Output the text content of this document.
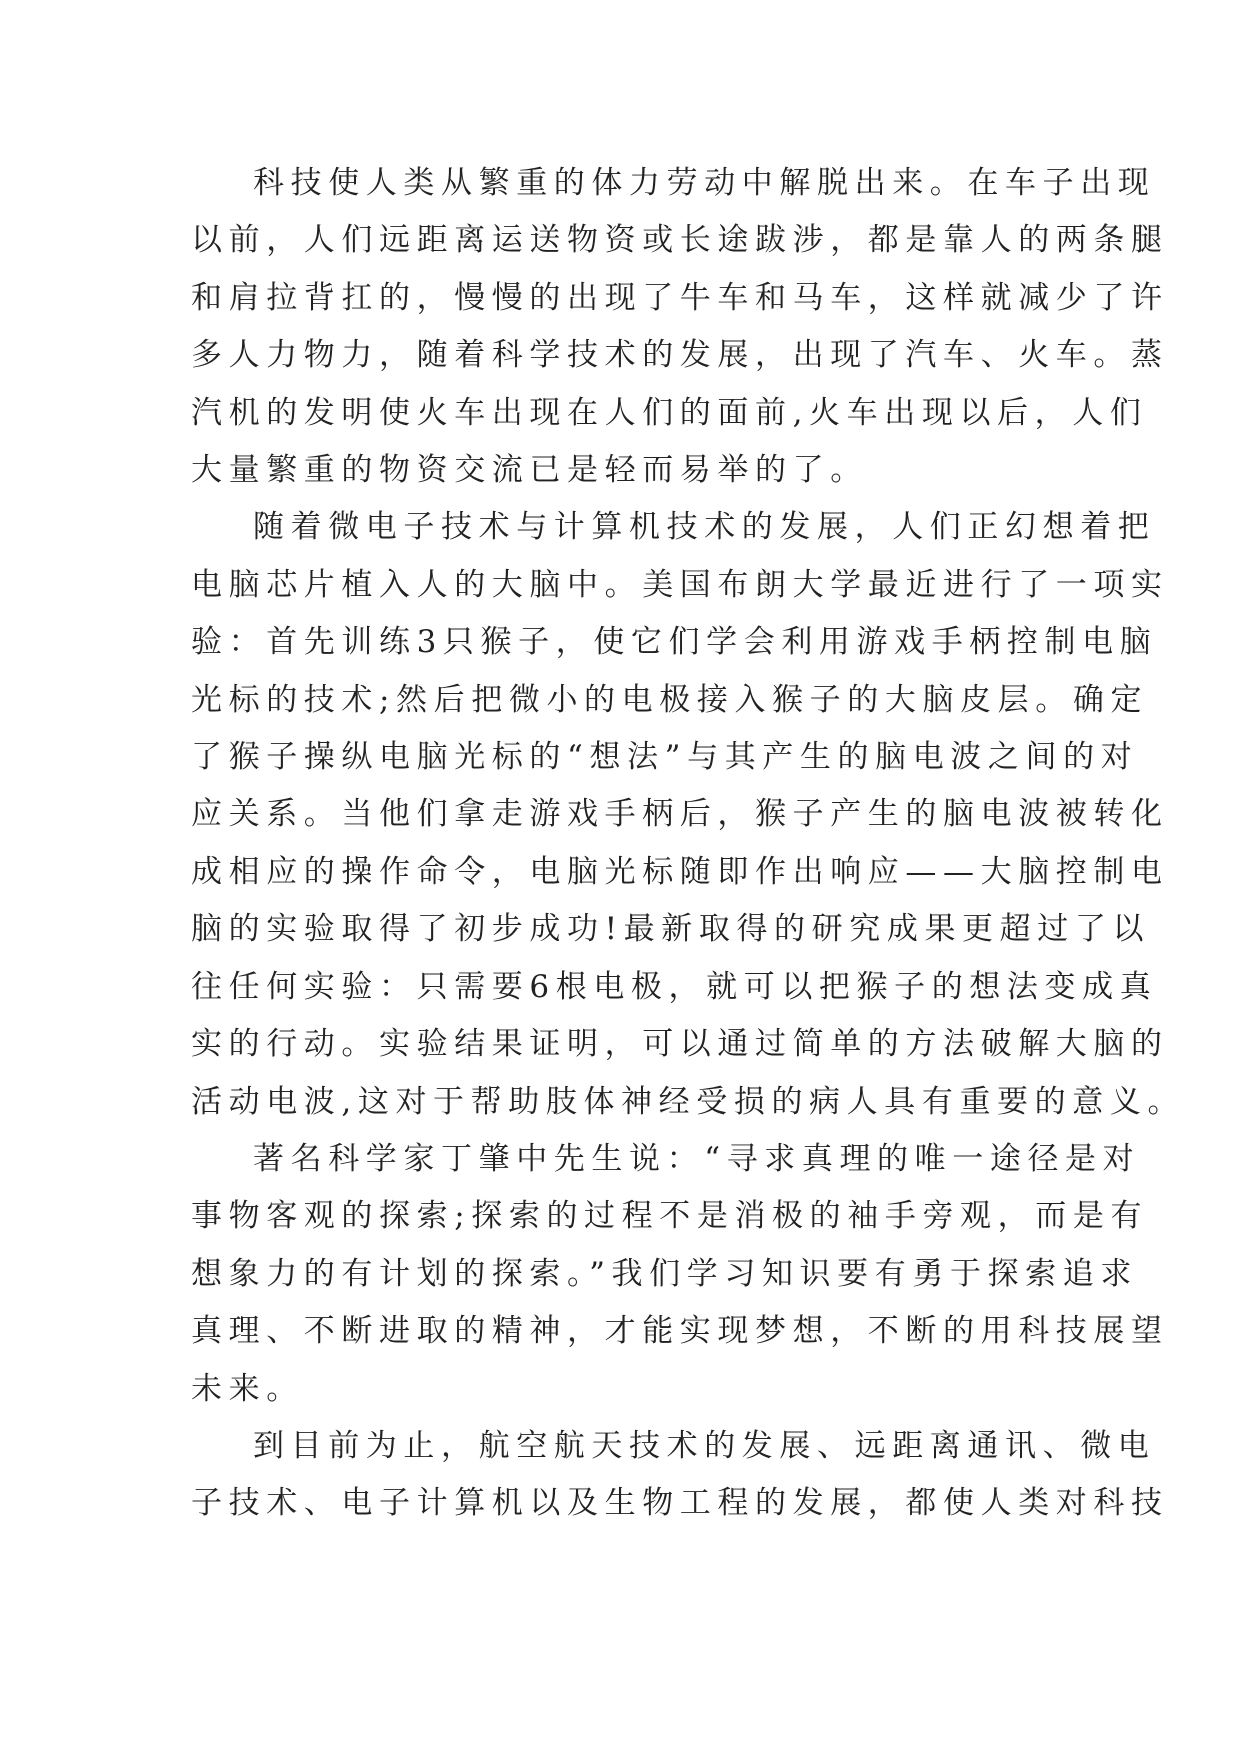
科技使人类从繁重的体力劳动中解脱出来。在车子出现
以前，人们远距离运送物资或长途跋涉，都是靠人的两条腿
和肩拉背扛的，慢慢的出现了牛车和马车，这样就减少了许
多人力物力，随着科学技术的发展，出现了汽车、火车。蒸
汽机的发明使火车出现在人们的面前,火车出现以后，人们
大量繁重的物资交流已是轻而易举的了。

随着微电子技术与计算机技术的发展，人们正幻想着把
电脑芯片植入人的大脑中。美国布朗大学最近进行了一项实
验：首先训练3只猴子，使它们学会利用游戏手柄控制电脑
光标的技术;然后把微小的电极接入猴子的大脑皮层。确定
了猴子操纵电脑光标的“想法”与其产生的脑电波之间的对
应关系。当他们拿走游戏手柄后，猴子产生的脑电波被转化
成相应的操作命令，电脑光标随即作出响应——大脑控制电
脑的实验取得了初步成功!最新取得的研究成果更超过了以
往任何实验：只需要6根电极，就可以把猴子的想法变成真
实的行动。实验结果证明，可以通过简单的方法破解大脑的
活动电波,这对于帮助肢体神经受损的病人具有重要的意义。

著名科学家丁肇中先生说：“寻求真理的唯一途径是对
事物客观的探索;探索的过程不是消极的袖手旁观，而是有
想象力的有计划的探索。”我们学习知识要有勇于探索追求
真理、不断进取的精神，才能实现梦想，不断的用科技展望
未来。

到目前为止，航空航天技术的发展、远距离通讯、微电
子技术、电子计算机以及生物工程的发展，都使人类对科技
